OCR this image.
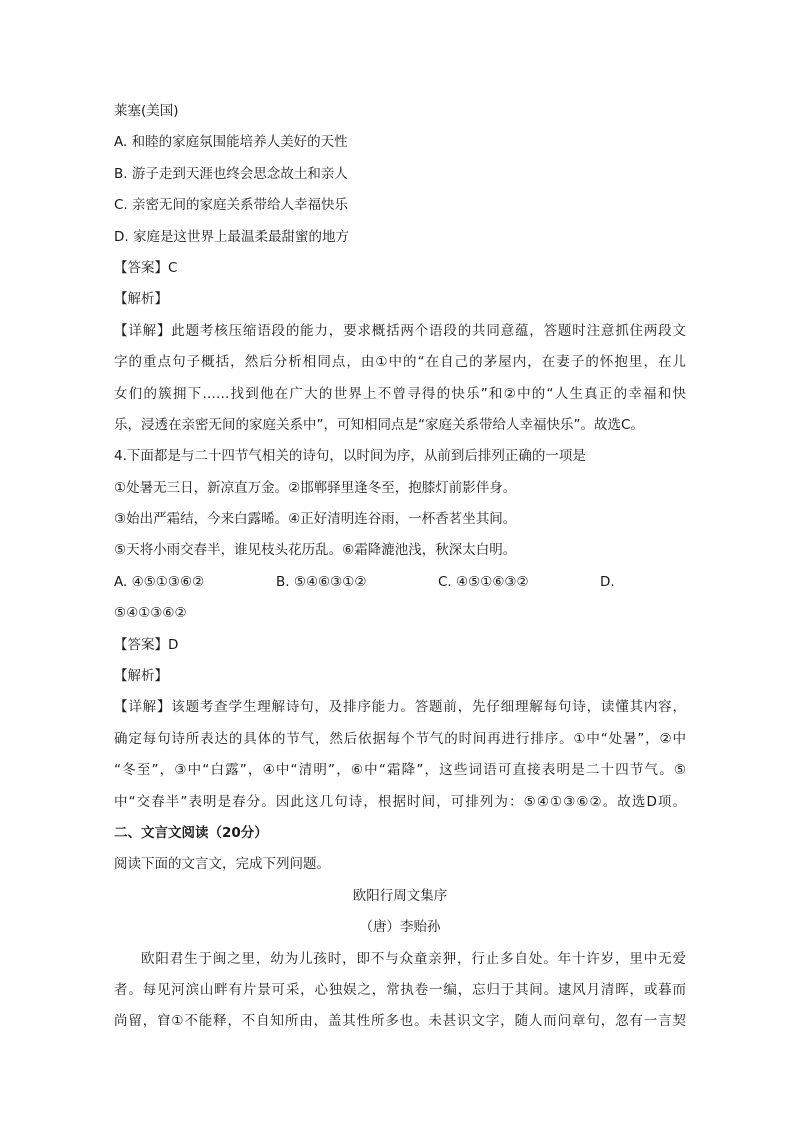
莱塞(美国)
A. 和睦的家庭氛围能培养人美好的天性
B. 游子走到天涯也终会思念故土和亲人
C. 亲密无间的家庭关系带给人幸福快乐
D. 家庭是这世界上最温柔最甜蜜的地方
【答案】C
【解析】
【详解】此题考核压缩语段的能力，要求概括两个语段的共同意蕴，答题时注意抓住两段文
字的重点句子概括，然后分析相同点，由①中的“在自己的茅屋内，在妻子的怀抱里，在儿
女们的簇拥下……找到他在广大的世界上不曾寻得的快乐”和②中的“人生真正的幸福和快
乐，浸透在亲密无间的家庭关系中”，可知相同点是“家庭关系带给人幸福快乐”。故选C。
4.下面都是与二十四节气相关的诗句，以时间为序，从前到后排列正确的一项是
①处暑无三日，新凉直万金。②邯郸驿里逢冬至，抱膝灯前影伴身。
③始出严霜结，今来白露晞。④正好清明连谷雨，一杯香茗坐其间。
⑤天将小雨交春半，谁见枝头花历乱。⑥霜降漉池浅，秋深太白明。
A. ④⑤①③⑥②	B. ⑤④⑥③①②	C. ④⑤①⑥③②	D.
⑤④①③⑥②
【答案】D
【解析】
【详解】该题考查学生理解诗句，及排序能力。答题前，先仔细理解每句诗，读懂其内容，
确定每句诗所表达的具体的节气，然后依据每个节气的时间再进行排序。①中“处暑”，②中
“冬至”，③中“白露”，④中“清明”，⑥中“霜降”，这些词语可直接表明是二十四节气。⑤
中“交春半”表明是春分。因此这几句诗，根据时间，可排列为：⑤④①③⑥②。故选D项。
二、文言文阅读（20分）
阅读下面的文言文，完成下列问题。
欧阳行周文集序
（唐）李贻孙
欧阳君生于闽之里，幼为儿孩时，即不与众童亲狎，行止多自处。年十许岁，里中无爱
者。每见河滨山畔有片景可采，心独娱之，常执卷一编，忘归于其间。逮风月清晖，或暮而
尚留，窅①不能释，不自知所由，盖其性所多也。未甚识文字，随人而问章句，忽有一言契
